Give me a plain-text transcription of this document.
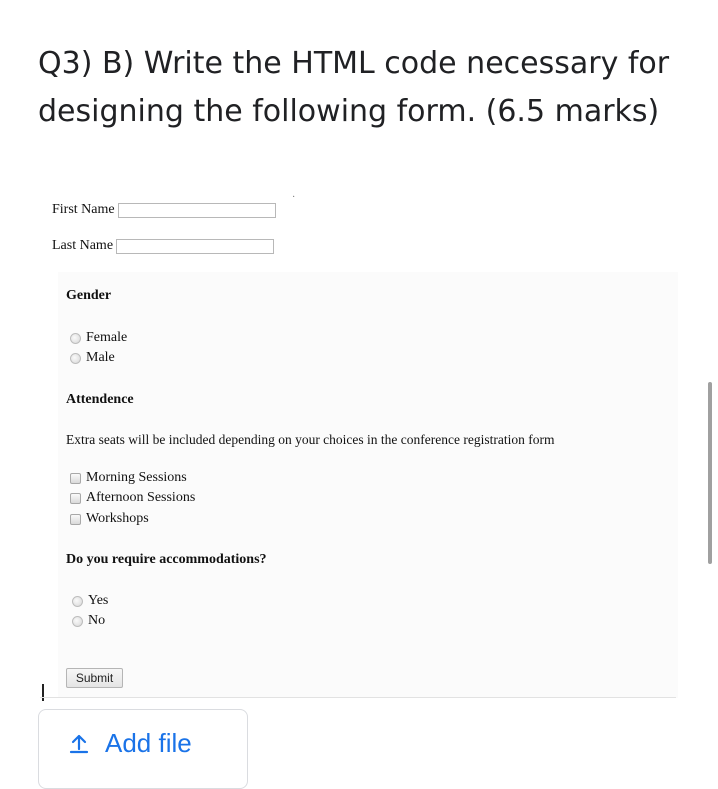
Q3) B) Write the HTML code necessary for designing the following form. (6.5 marks)
First Name
·
Last Name
Gender
Female
Male
Attendence
Extra seats will be included depending on your choices in the conference registration form
Morning Sessions
Afternoon Sessions
Workshops
Do you require accommodations?
Yes
No
Submit
Add file
